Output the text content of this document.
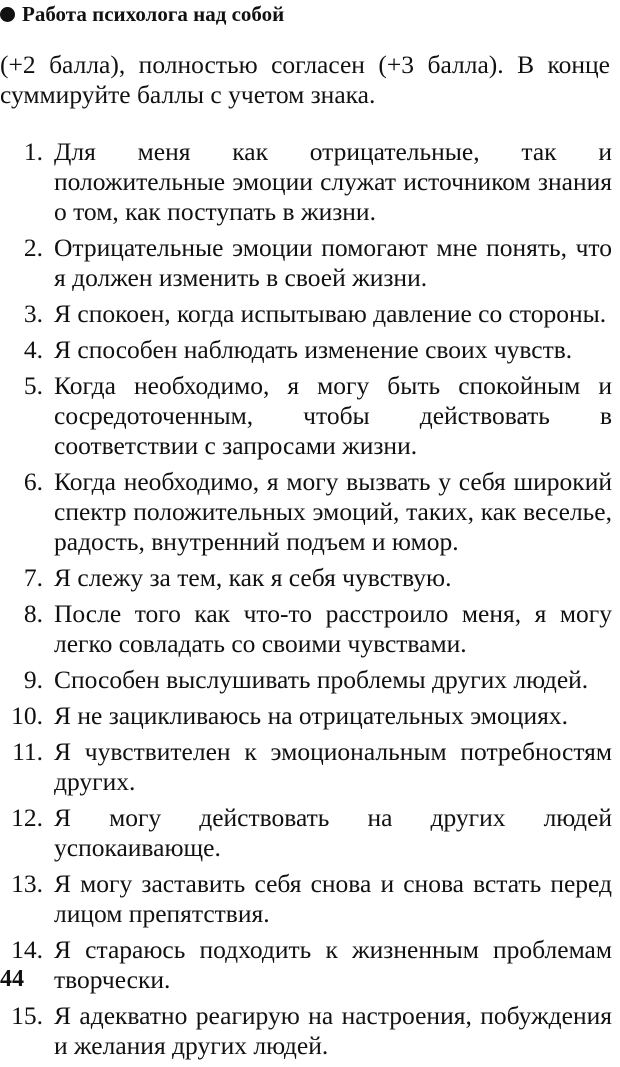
Работа психолога над собой

(+2 балла), полностью согласен (+3 балла). В конце суммируйте баллы с учетом знака.

1. Для меня как отрицательные, так и положительные эмоции служат источником знания о том, как поступать в жизни.
2. Отрицательные эмоции помогают мне понять, что я должен изменить в своей жизни.
3. Я спокоен, когда испытываю давление со стороны.
4. Я способен наблюдать изменение своих чувств.
5. Когда необходимо, я могу быть спокойным и сосредоточенным, чтобы действовать в соответствии с запросами жизни.
6. Когда необходимо, я могу вызвать у себя широкий спектр положительных эмоций, таких, как веселье, радость, внутренний подъем и юмор.
7. Я слежу за тем, как я себя чувствую.
8. После того как что-то расстроило меня, я могу легко совладать со своими чувствами.
9. Способен выслушивать проблемы других людей.
10. Я не зацикливаюсь на отрицательных эмоциях.
11. Я чувствителен к эмоциональным потребностям других.
12. Я могу действовать на других людей успокаивающе.
13. Я могу заставить себя снова и снова встать перед лицом препятствия.
14. Я стараюсь подходить к жизненным проблемам творчески.
15. Я адекватно реагирую на настроения, побуждения и желания других людей.
44
